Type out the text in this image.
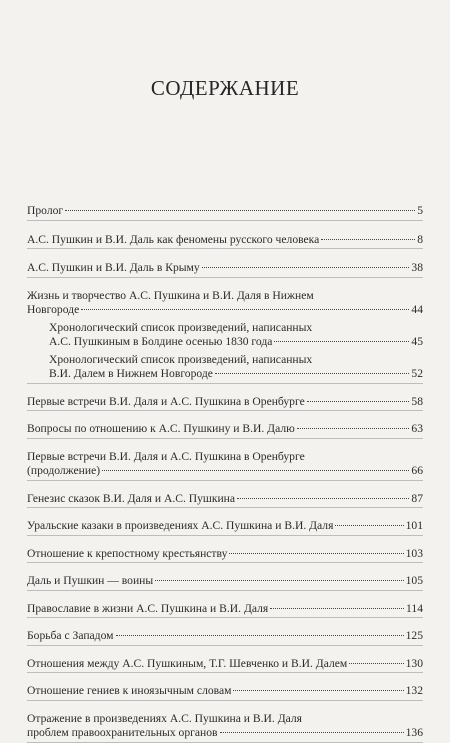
СОДЕРЖАНИЕ
Пролог	5
А.С. Пушкин и В.И. Даль как феномены русского человека	8
А.С. Пушкин и В.И. Даль в Крыму	38
Жизнь и творчество А.С. Пушкина и В.И. Даля в Нижнем
Новгороде	44
Хронологический список произведений, написанных
А.С. Пушкиным в Болдине осенью 1830 года	45
Хронологический список произведений, написанных
В.И. Далем в Нижнем Новгороде	52
Первые встречи В.И. Даля и А.С. Пушкина в Оренбурге	58
Вопросы по отношению к А.С. Пушкину и В.И. Далю	63
Первые встречи В.И. Даля и А.С. Пушкина в Оренбурге
(продолжение)	66
Генезис сказок В.И. Даля и А.С. Пушкина	87
Уральские казаки в произведениях А.С. Пушкина и В.И. Даля	101
Отношение к крепостному крестьянству	103
Даль и Пушкин — воины	105
Православие в жизни А.С. Пушкина и В.И. Даля	114
Борьба с Западом	125
Отношения между А.С. Пушкиным, Т.Г. Шевченко и В.И. Далем	130
Отношение гениев к иноязычным словам	132
Отражение в произведениях А.С. Пушкина и В.И. Даля
проблем правоохранительных органов	136
